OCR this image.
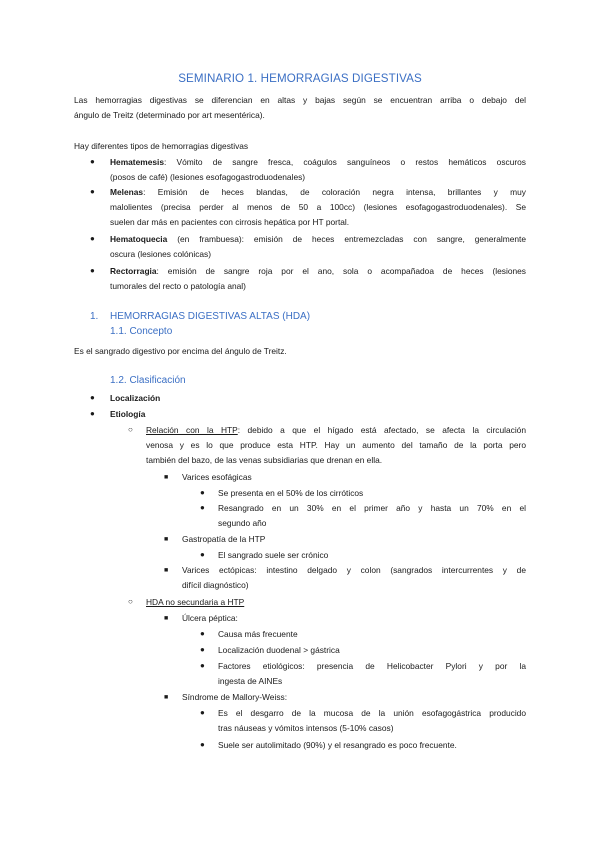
SEMINARIO 1. HEMORRAGIAS DIGESTIVAS
Las hemorragias digestivas se diferencian en altas y bajas según se encuentran arriba o debajo del
ángulo de Treitz (determinado por art mesentérica).
Hay diferentes tipos de hemorragias digestivas
● Hematemesis: Vómito de sangre fresca, coágulos sanguíneos o restos hemáticos oscuros
(posos de café) (lesiones esofagogastroduodenales)
● Melenas: Emisión de heces blandas, de coloración negra intensa, brillantes y muy
malolientes (precisa perder al menos de 50 a 100cc) (lesiones esofagogastroduodenales). Se
suelen dar más en pacientes con cirrosis hepática por HT portal.
● Hematoquecia (en frambuesa): emisión de heces entremezcladas con sangre, generalmente
oscura (lesiones colónicas)
● Rectorragia: emisión de sangre roja por el ano, sola o acompañadoa de heces (lesiones
tumorales del recto o patología anal)
1. HEMORRAGIAS DIGESTIVAS ALTAS (HDA)
1.1. Concepto
Es el sangrado digestivo por encima del ángulo de Treitz.
1.2. Clasificación
● Localización
● Etiología
○ Relación con la HTP: debido a que el hígado está afectado, se afecta la circulación
venosa y es lo que produce esta HTP. Hay un aumento del tamaño de la porta pero
también del bazo, de las venas subsidiarias que drenan en ella.
■ Varices esofágicas
● Se presenta en el 50% de los cirróticos
● Resangrado en un 30% en el primer año y hasta un 70% en el
segundo año
■ Gastropatía de la HTP
● El sangrado suele ser crónico
■ Varices ectópicas: intestino delgado y colon (sangrados intercurrentes y de
difícil diagnóstico)
○ HDA no secundaria a HTP
■ Úlcera péptica:
● Causa más frecuente
● Localización duodenal > gástrica
● Factores etiológicos: presencia de Helicobacter Pylori y por la
ingesta de AINEs
■ Síndrome de Mallory-Weiss:
● Es el desgarro de la mucosa de la unión esofagogástrica producido
tras náuseas y vómitos intensos (5-10% casos)
● Suele ser autolimitado (90%) y el resangrado es poco frecuente.
